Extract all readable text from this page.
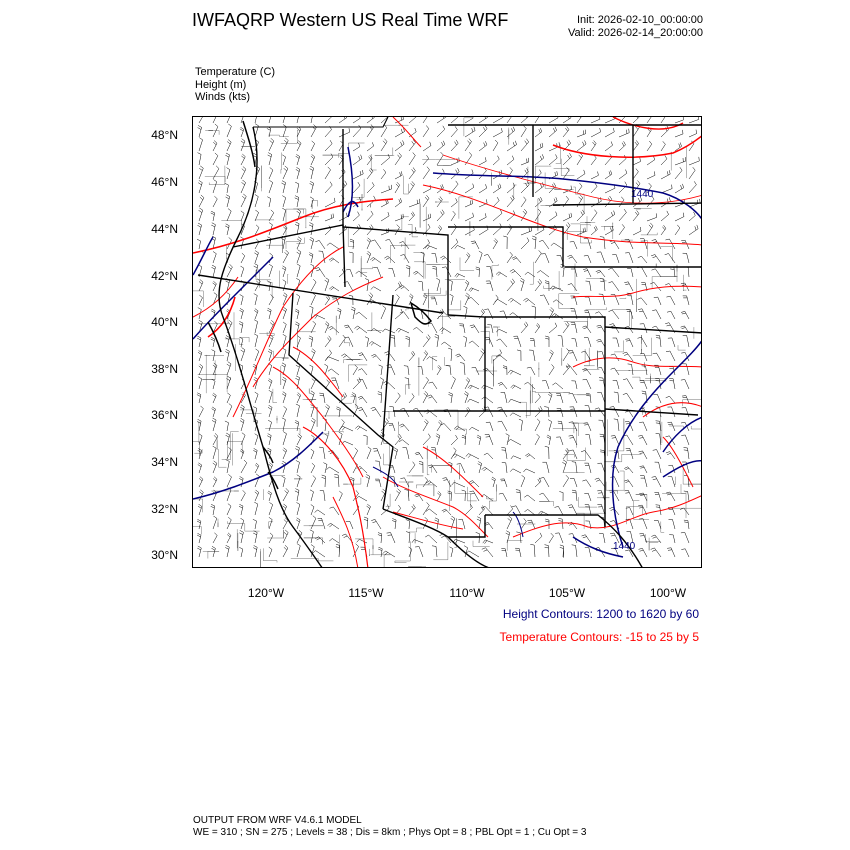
IWFAQRP Western US Real Time WRF	Init: 2026-02-10_00:00:00
Valid: 2026-02-14_20:00:00
Temperature (C)
Height (m)
Winds (kts)
1440
1440
48°N
46°N
44°N
42°N
40°N
38°N
36°N
34°N
32°N
30°N
120°W	115°W	110°W	105°W	100°W
Height Contours: 1200 to 1620 by 60
Temperature Contours: -15 to 25 by 5
OUTPUT FROM WRF V4.6.1 MODEL
WE = 310 ; SN = 275 ; Levels = 38 ; Dis = 8km ; Phys Opt = 8 ; PBL Opt = 1 ; Cu Opt = 3
